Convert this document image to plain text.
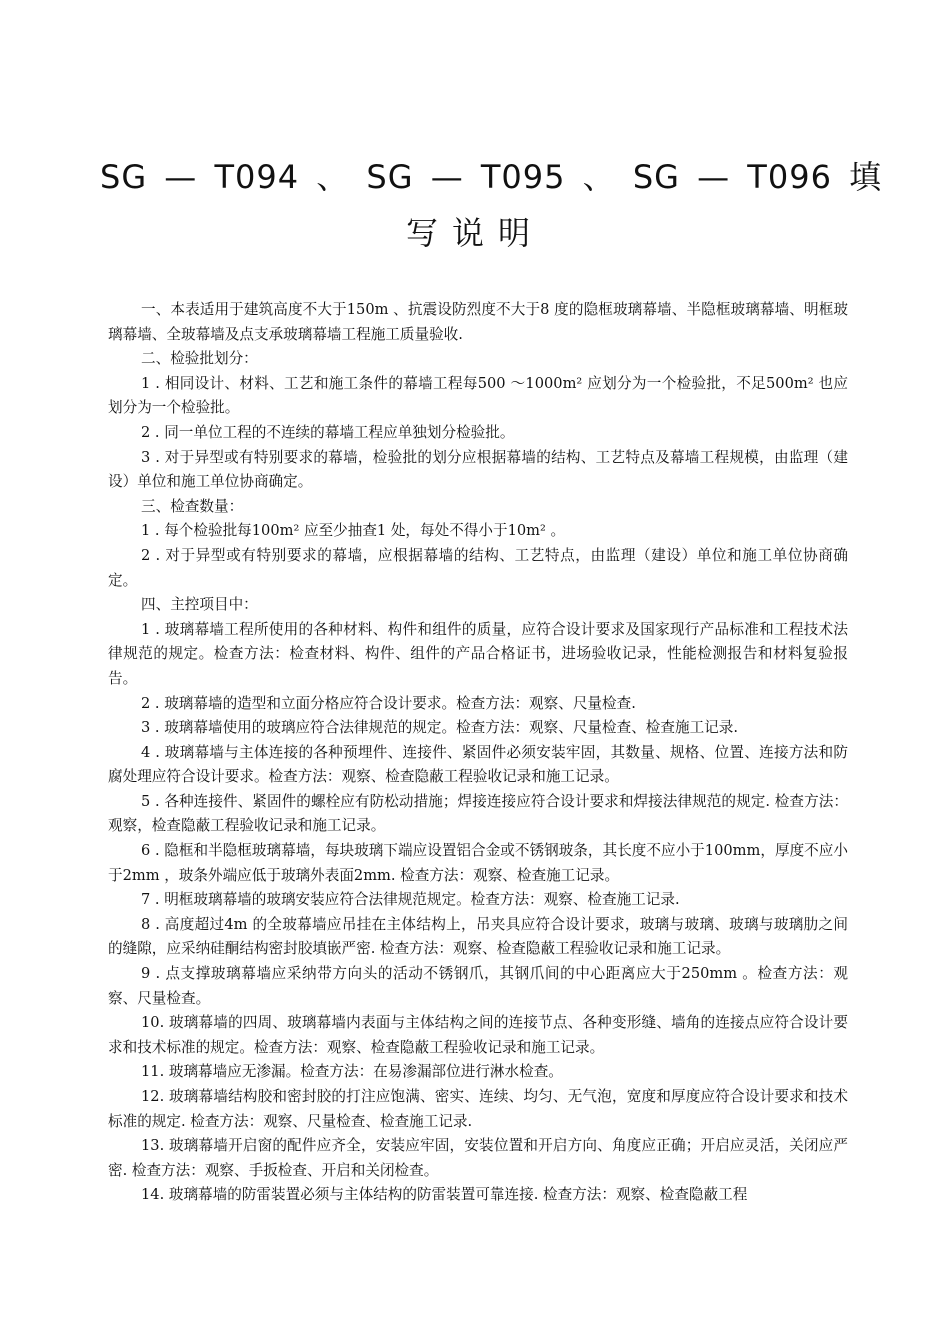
SG — T094 、 SG — T095 、 SG — T096 填
写说明

一、本表适用于建筑高度不大于150m 、抗震设防烈度不大于8 度的隐框玻璃幕墙、半隐框玻璃幕墙、明框玻璃幕墙、全玻幕墙及点支承玻璃幕墙工程施工质量验收.

二、检验批划分：

1 . 相同设计、材料、工艺和施工条件的幕墙工程每500 ～1000m² 应划分为一个检验批，不足500m² 也应划分为一个检验批。

2 . 同一单位工程的不连续的幕墙工程应单独划分检验批。

3 . 对于异型或有特别要求的幕墙，检验批的划分应根据幕墙的结构、工艺特点及幕墙工程规模，由监理（建设）单位和施工单位协商确定。

三、检查数量：

1 . 每个检验批每100m² 应至少抽查1 处，每处不得小于10m² 。

2 . 对于异型或有特别要求的幕墙，应根据幕墙的结构、工艺特点，由监理（建设）单位和施工单位协商确定。

四、主控项目中：

1 . 玻璃幕墙工程所使用的各种材料、构件和组件的质量，应符合设计要求及国家现行产品标准和工程技术法律规范的规定。检查方法：检查材料、构件、组件的产品合格证书，进场验收记录，性能检测报告和材料复验报告。

2 . 玻璃幕墙的造型和立面分格应符合设计要求。检查方法：观察、尺量检查.

3 . 玻璃幕墙使用的玻璃应符合法律规范的规定。检查方法：观察、尺量检查、检查施工记录.

4 . 玻璃幕墙与主体连接的各种预埋件、连接件、紧固件必须安装牢固，其数量、规格、位置、连接方法和防腐处理应符合设计要求。检查方法：观察、检查隐蔽工程验收记录和施工记录。

5 . 各种连接件、紧固件的螺栓应有防松动措施；焊接连接应符合设计要求和焊接法律规范的规定. 检查方法：观察，检查隐蔽工程验收记录和施工记录。

6 . 隐框和半隐框玻璃幕墙，每块玻璃下端应设置铝合金或不锈钢玻条，其长度不应小于100mm，厚度不应小于2mm ，玻条外端应低于玻璃外表面2mm. 检查方法：观察、检查施工记录。

7 . 明框玻璃幕墙的玻璃安装应符合法律规范规定。检查方法：观察、检查施工记录.

8 . 高度超过4m 的全玻幕墙应吊挂在主体结构上，吊夹具应符合设计要求，玻璃与玻璃、玻璃与玻璃肋之间的缝隙，应采纳硅酮结构密封胶填嵌严密. 检查方法：观察、检查隐蔽工程验收记录和施工记录。

9 . 点支撑玻璃幕墙应采纳带方向头的活动不锈钢爪，其钢爪间的中心距离应大于250mm 。检查方法：观察、尺量检查。

10. 玻璃幕墙的四周、玻璃幕墙内表面与主体结构之间的连接节点、各种变形缝、墙角的连接点应符合设计要求和技术标准的规定。检查方法：观察、检查隐蔽工程验收记录和施工记录。

11. 玻璃幕墙应无渗漏。检查方法：在易渗漏部位进行淋水检查。

12. 玻璃幕墙结构胶和密封胶的打注应饱满、密实、连续、均匀、无气泡，宽度和厚度应符合设计要求和技术标准的规定. 检查方法：观察、尺量检查、检查施工记录.

13. 玻璃幕墙开启窗的配件应齐全，安装应牢固，安装位置和开启方向、角度应正确；开启应灵活，关闭应严密. 检查方法：观察、手扳检查、开启和关闭检查。

14. 玻璃幕墙的防雷装置必须与主体结构的防雷装置可靠连接. 检查方法：观察、检查隐蔽工程
